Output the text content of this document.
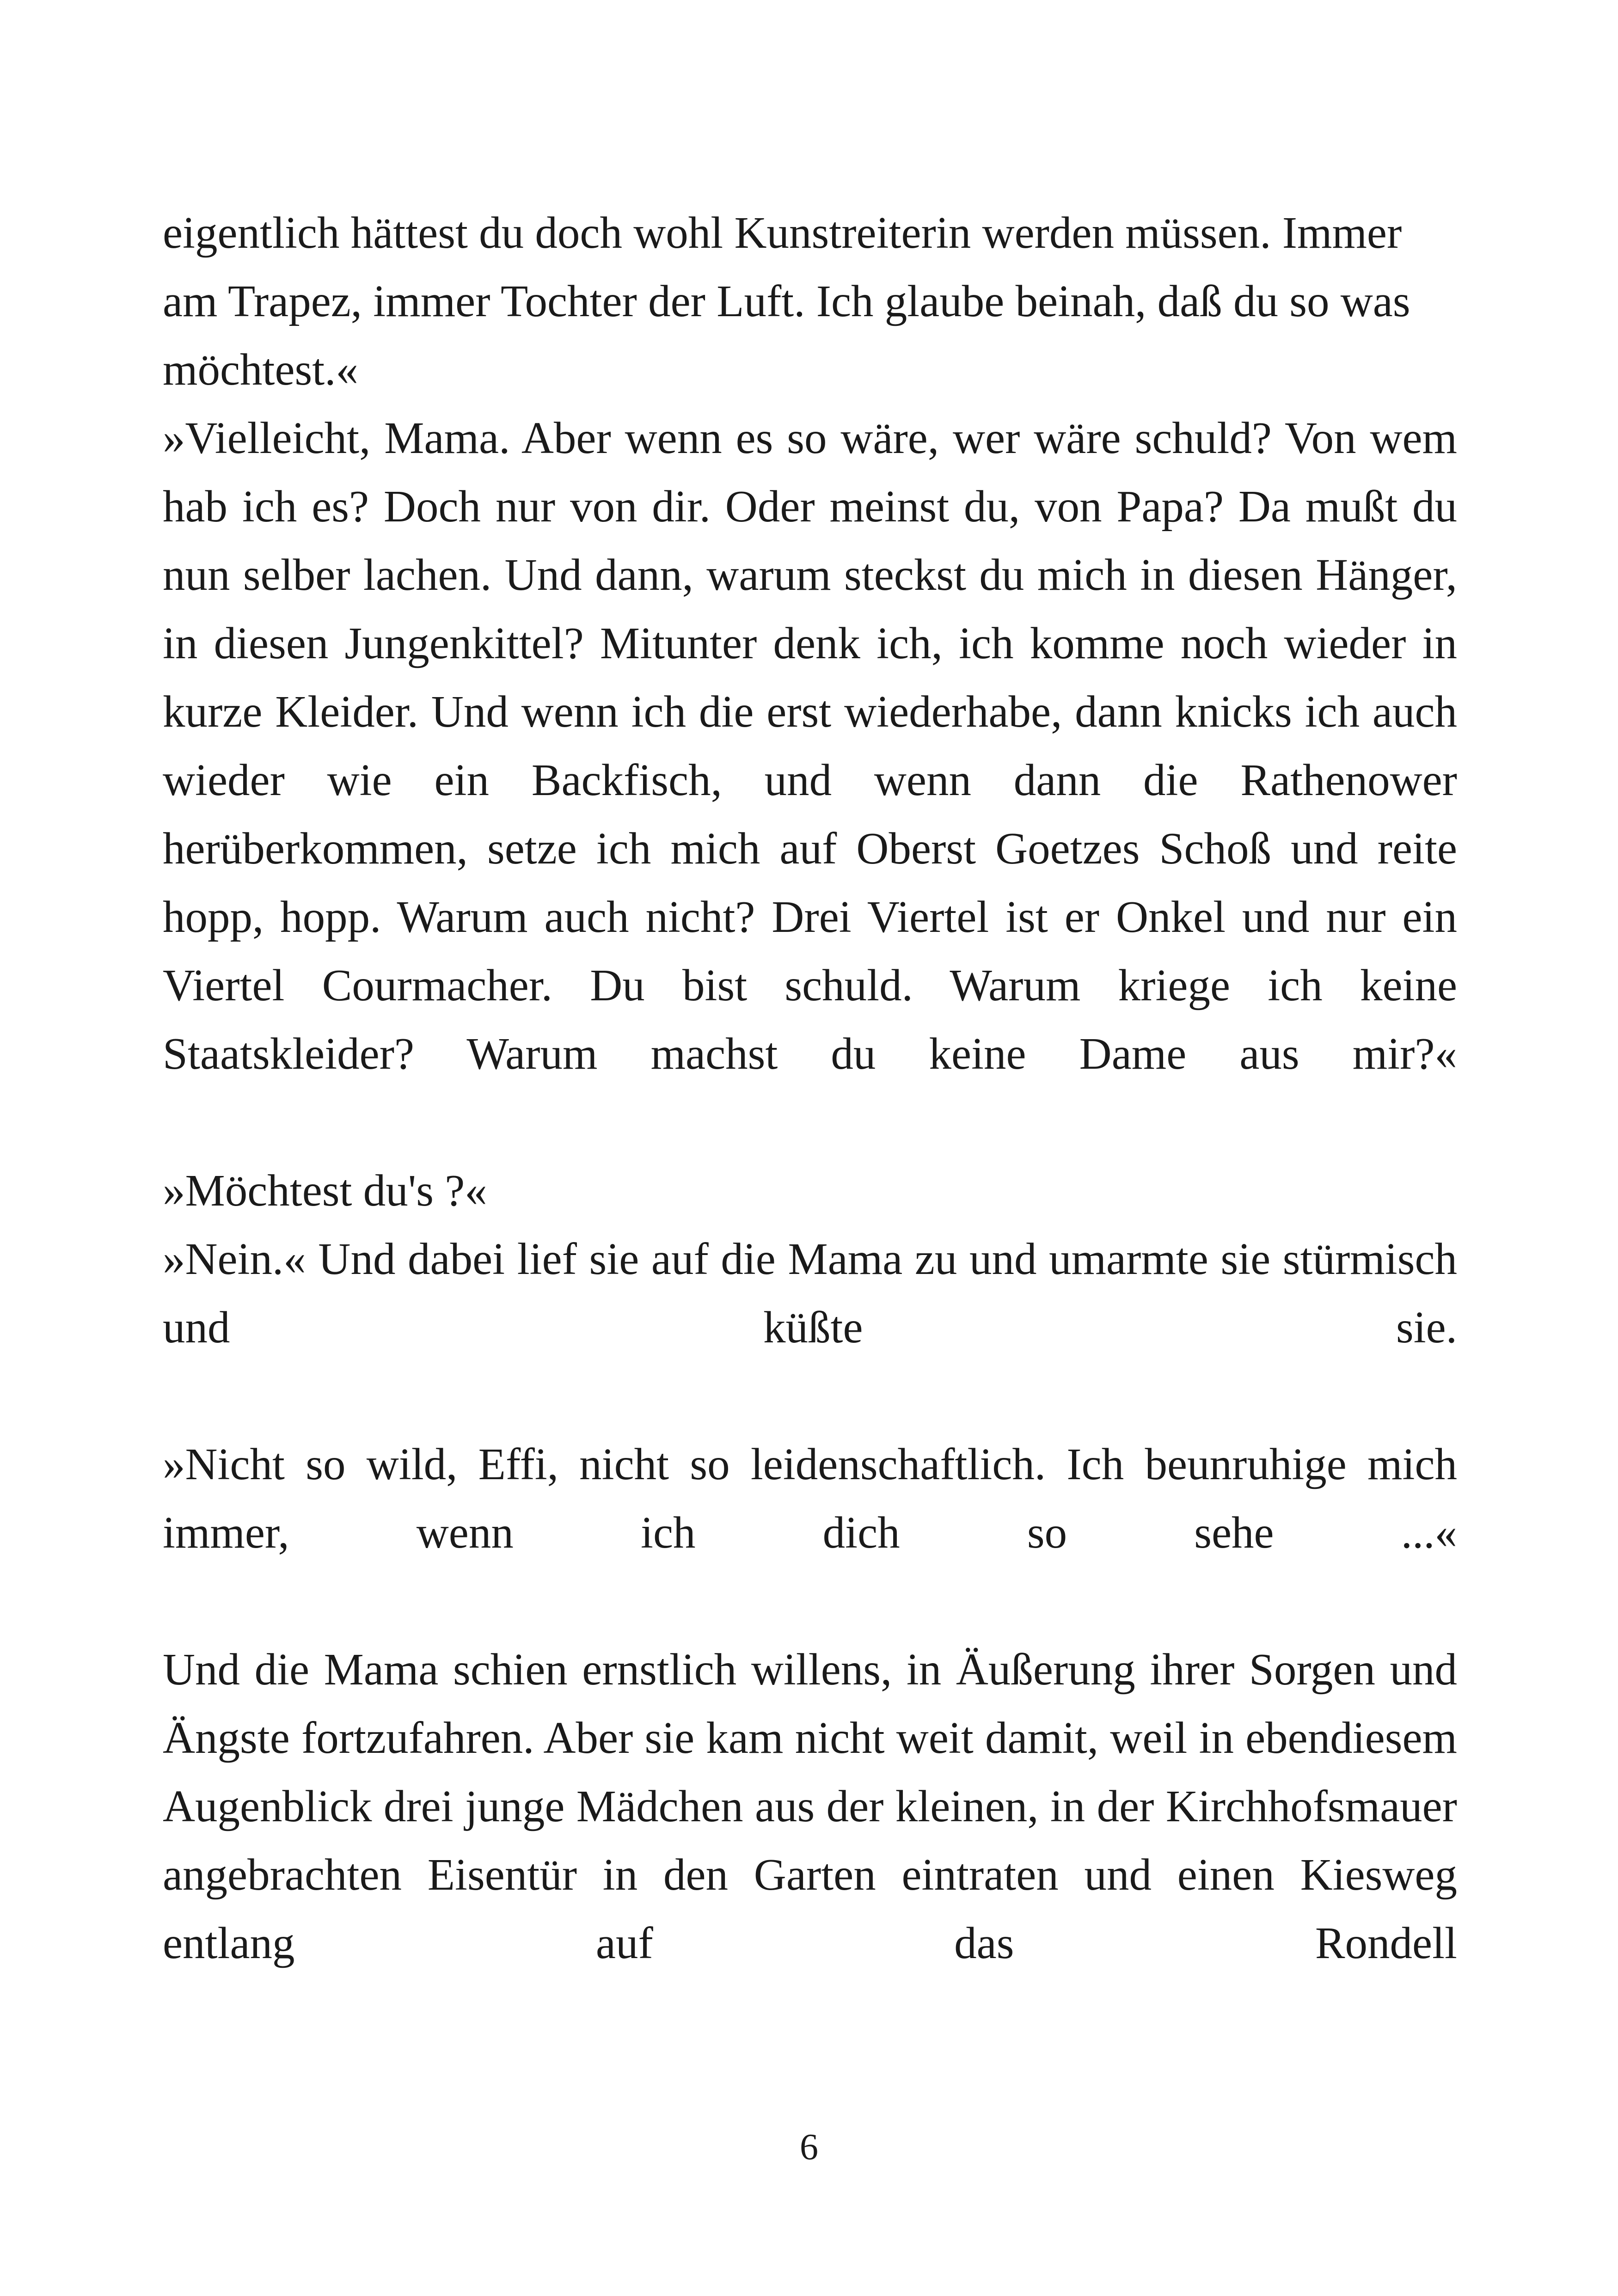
eigentlich hättest du doch wohl Kunstreiterin werden müssen. Immer am Trapez, immer Tochter der Luft. Ich glaube beinah, daß du so was möchtest.«

»Vielleicht, Mama. Aber wenn es so wäre, wer wäre schuld? Von wem hab ich es? Doch nur von dir. Oder meinst du, von Papa? Da mußt du nun selber lachen. Und dann, warum steckst du mich in diesen Hänger, in diesen Jungenkittel? Mitunter denk ich, ich komme noch wieder in kurze Kleider. Und wenn ich die erst wiederhabe, dann knicks ich auch wieder wie ein Backfisch, und wenn dann die Rathenower herüberkommen, setze ich mich auf Oberst Goetzes Schoß und reite hopp, hopp. Warum auch nicht? Drei Viertel ist er Onkel und nur ein Viertel Courmacher. Du bist schuld. Warum kriege ich keine Staatskleider? Warum machst du keine Dame aus mir?«

»Möchtest du's ?«

»Nein.« Und dabei lief sie auf die Mama zu und umarmte sie stürmisch und küßte sie.

»Nicht so wild, Effi, nicht so leidenschaftlich. Ich beunruhige mich immer, wenn ich dich so sehe ...«

Und die Mama schien ernstlich willens, in Äußerung ihrer Sorgen und Ängste fortzufahren. Aber sie kam nicht weit damit, weil in ebendiesem Augenblick drei junge Mädchen aus der kleinen, in der Kirchhofsmauer angebrachten Eisentür in den Garten eintraten und einen Kiesweg entlang auf das Rondell

6
